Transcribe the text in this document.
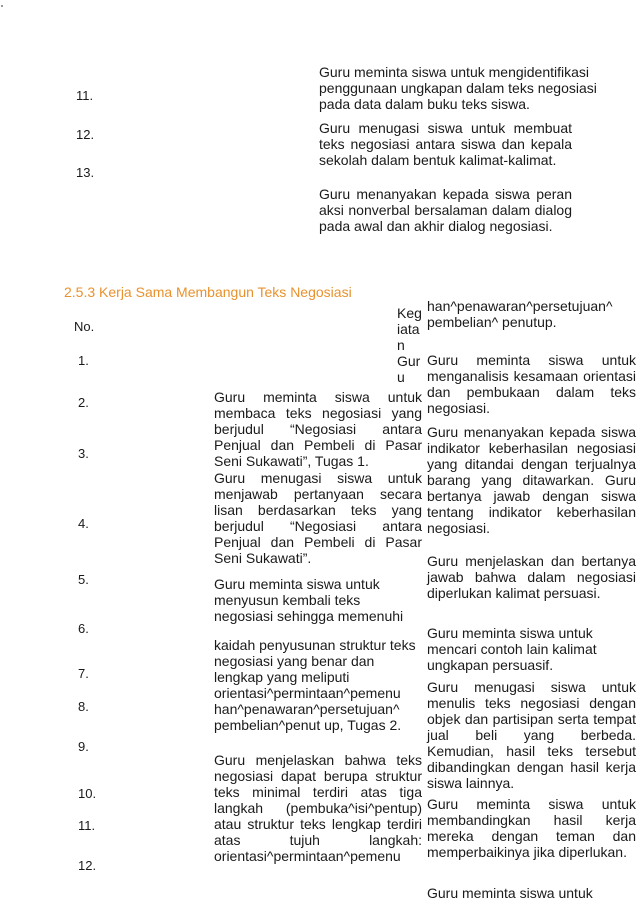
11.
12.
13.
Guru meminta siswa untuk mengidentifikasi penggunaan ungkapan dalam teks negosiasi pada data dalam buku teks siswa.
Guru menugasi siswa untuk membuat teks negosiasi antara siswa dan kepala sekolah dalam bentuk kalimat-kalimat.
Guru menanyakan kepada siswa peran aksi nonverbal bersalaman dalam dialog pada awal dan akhir dialog negosiasi.
2.5.3 Kerja Sama Membangun Teks Negosiasi
No.
1.
2.
3.
4.
5.
6.
7.
8.
9.
10.
11.
12.
Keg iata n Gur u
Guru meminta siswa untuk membaca teks negosiasi yang berjudul “Negosiasi antara Penjual dan Pembeli di Pasar Seni Sukawati”, Tugas 1.
Guru menugasi siswa untuk menjawab pertanyaan secara lisan berdasarkan teks yang berjudul “Negosiasi antara Penjual dan Pembeli di Pasar Seni Sukawati”.
Guru meminta siswa untuk menyusun kembali teks negosiasi sehingga memenuhi
kaidah penyusunan struktur teks negosiasi yang benar dan lengkap yang meliputi orientasi^permintaan^pemenu han^penawaran^persetujuan^ pembelian^penut up, Tugas 2.
Guru menjelaskan bahwa teks negosiasi dapat berupa struktur teks minimal terdiri atas tiga langkah (pembuka^isi^pentup) atau struktur teks lengkap terdiri atas tujuh langkah: orientasi^permintaan^pemenu
han^penawaran^persetujuan^ pembelian^ penutup.
Guru meminta siswa untuk menganalisis kesamaan orientasi dan pembukaan dalam teks negosiasi.
Guru menanyakan kepada siswa indikator keberhasilan negosiasi yang ditandai dengan terjualnya barang yang ditawarkan. Guru bertanya jawab dengan siswa tentang indikator keberhasilan negosiasi.
Guru menjelaskan dan bertanya jawab bahwa dalam negosiasi diperlukan kalimat persuasi.
Guru meminta siswa untuk mencari contoh lain kalimat ungkapan persuasif.
Guru menugasi siswa untuk menulis teks negosiasi dengan objek dan partisipan serta tempat jual beli yang berbeda. Kemudian, hasil teks tersebut dibandingkan dengan hasil kerja siswa lainnya.
Guru meminta siswa untuk membandingkan hasil kerja mereka dengan teman dan memperbaikinya jika diperlukan.
Guru meminta siswa untuk
